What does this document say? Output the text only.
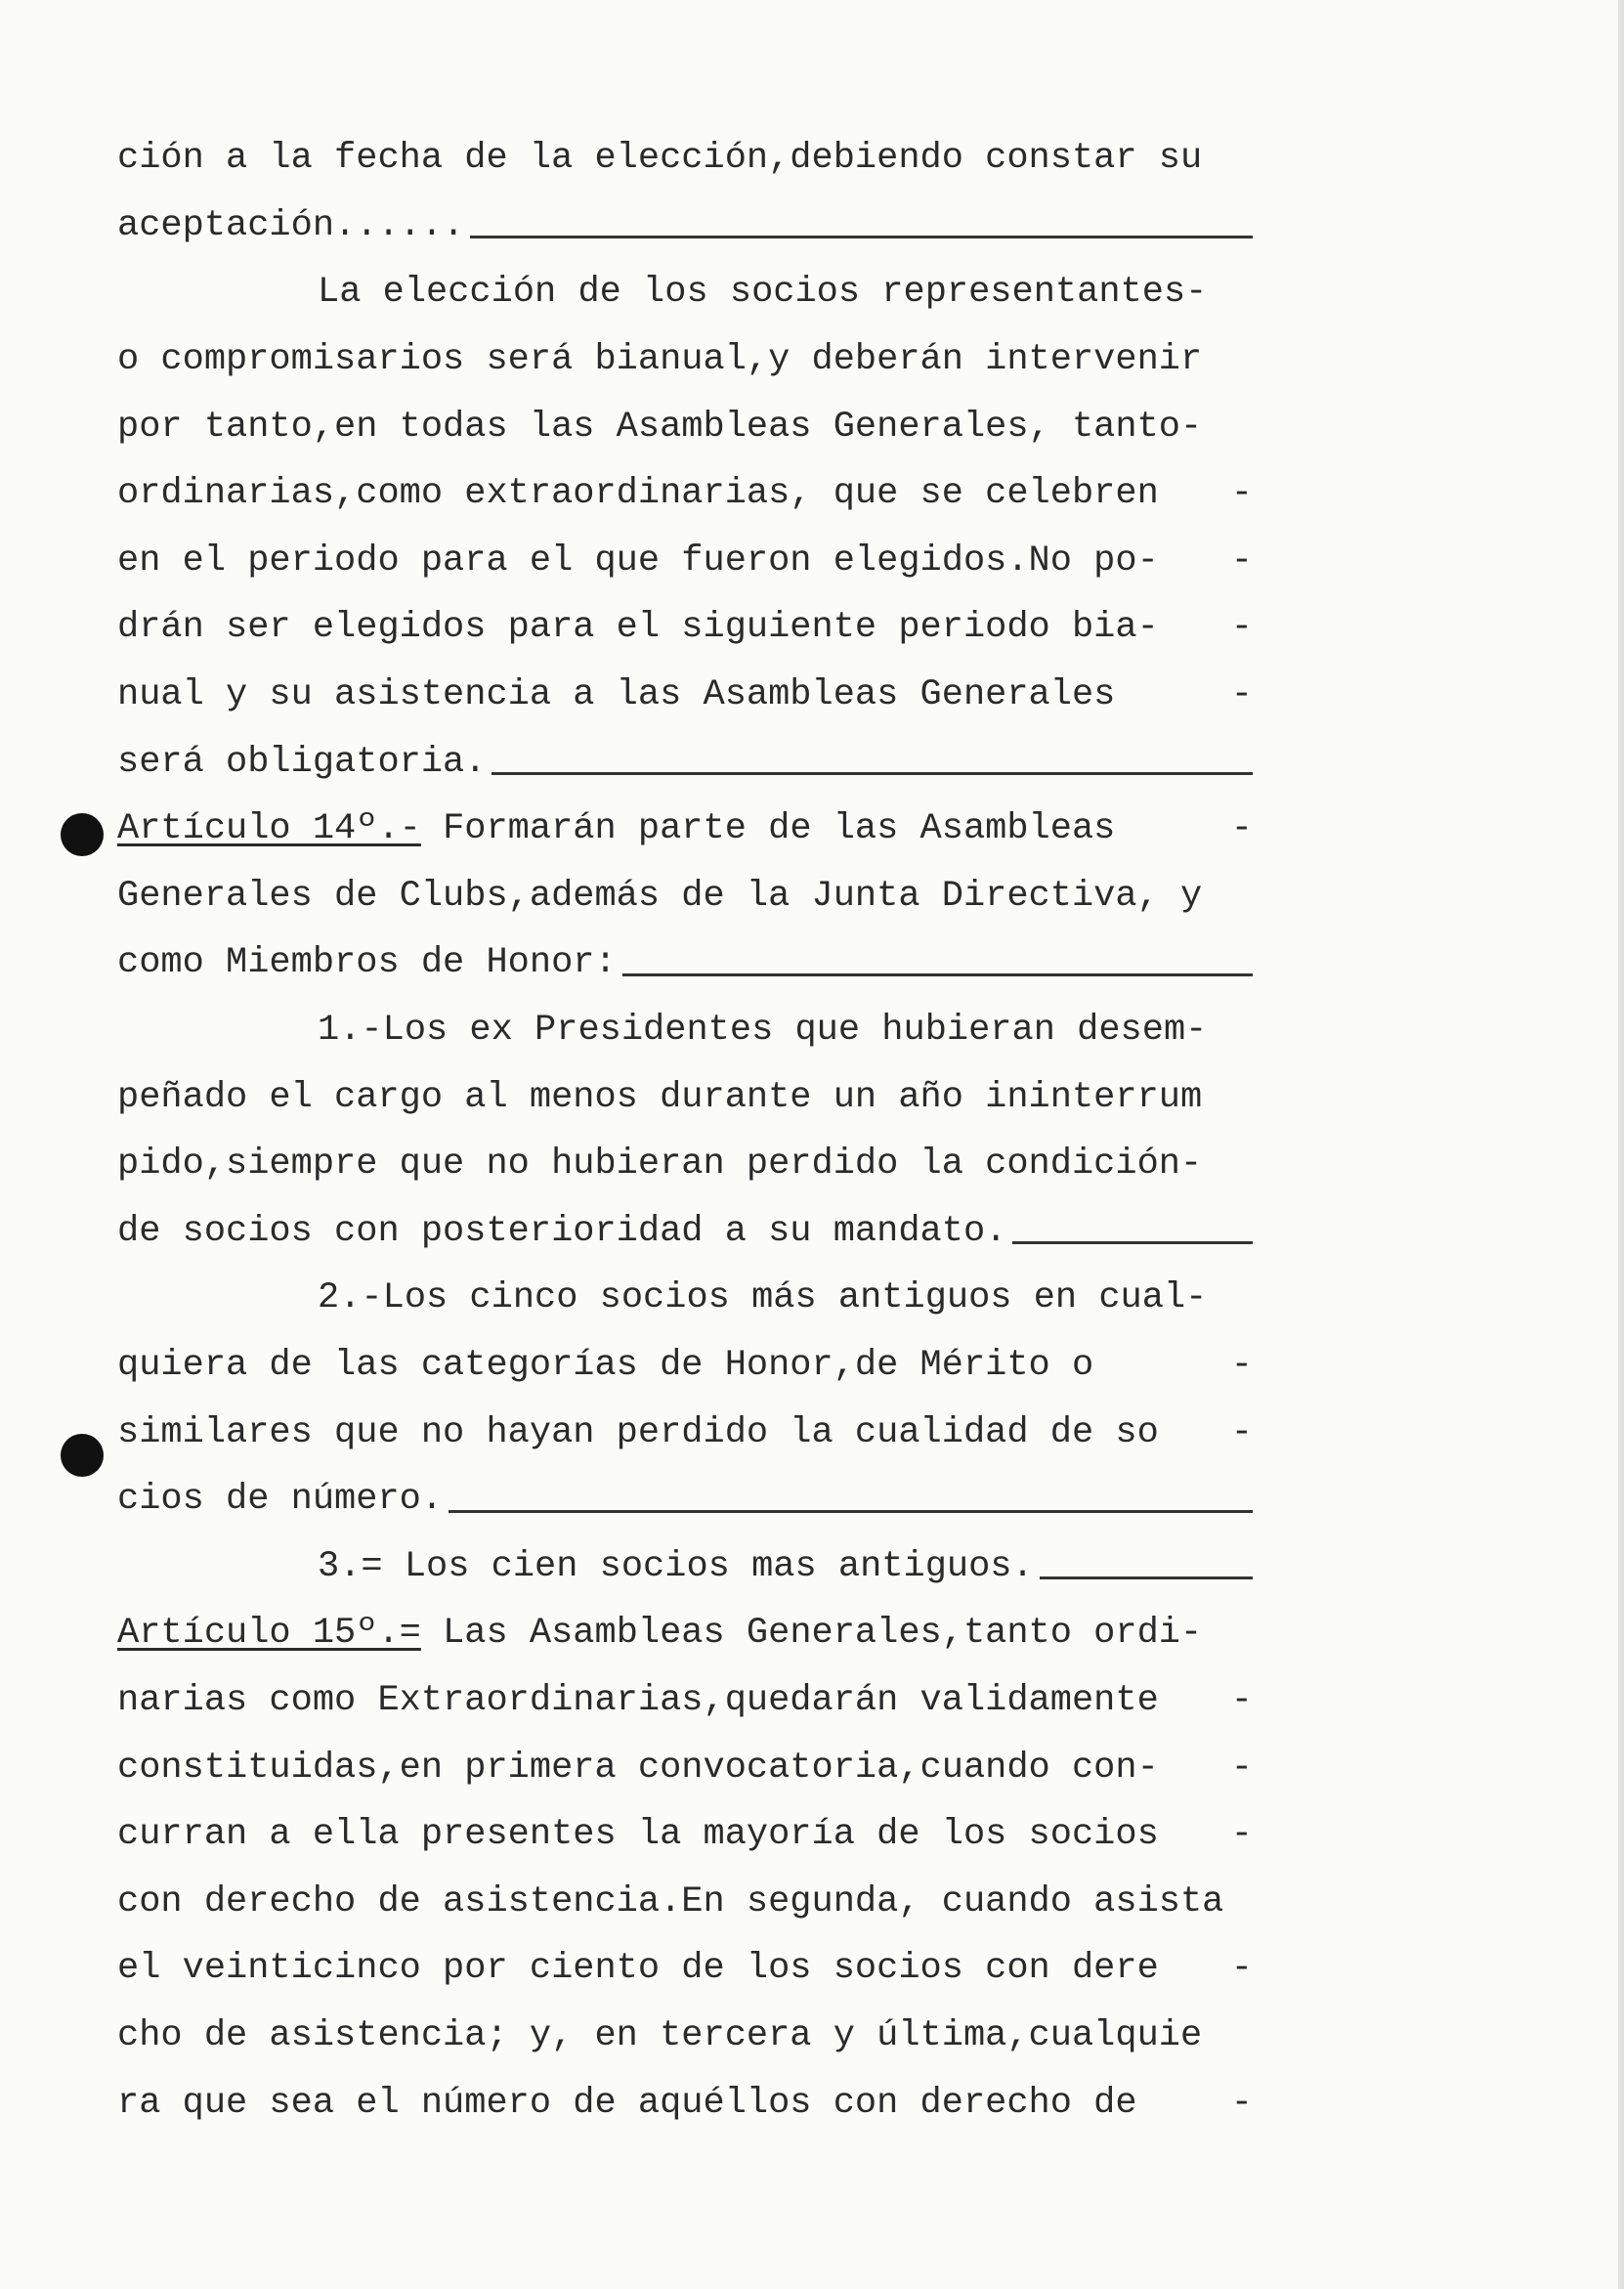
ción a la fecha de la elección,debiendo constar su
aceptación......
La elección de los socios representantes-
o compromisarios será bianual,y deberán intervenir
por tanto,en todas las Asambleas Generales, tanto-
ordinarias,como extraordinarias, que se celebren -
en el periodo para el que fueron elegidos.No po- -
drán ser elegidos para el siguiente periodo bia- -
nual y su asistencia a las Asambleas Generales	-
será obligatoria.
Artículo 14º.- Formarán parte de las Asambleas	-
Generales de Clubs,además de la Junta Directiva, y
como Miembros de Honor:
1.-Los ex Presidentes que hubieran desem-
peñado el cargo al menos durante un año ininterrum
pido,siempre que no hubieran perdido la condición-
de socios con posterioridad a su mandato.
2.-Los cinco socios más antiguos en cual-
quiera de las categorías de Honor,de Mérito o	-
similares que no hayan perdido la cualidad de so -
cios de número.
3.= Los cien socios mas antiguos.
Artículo 15º.= Las Asambleas Generales,tanto ordi-
narias como Extraordinarias,quedarán validamente -
constituidas,en primera convocatoria,cuando con- -
curran a ella presentes la mayoría de los socios -
con derecho de asistencia.En segunda, cuando asista
el veinticinco por ciento de los socios con dere -
cho de asistencia; y, en tercera y última,cualquie
ra que sea el número de aquéllos con derecho de	-
